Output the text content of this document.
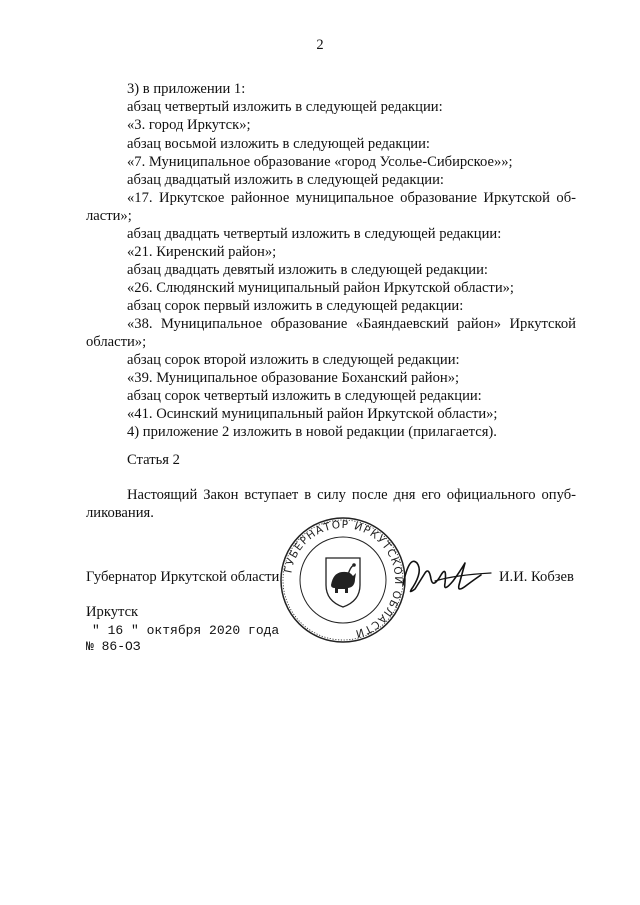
2
3) в приложении 1:
абзац четвертый изложить в следующей редакции:
«3. город Иркутск»;
абзац восьмой изложить в следующей редакции:
«7. Муниципальное образование «город Усолье-Сибирское»»;
абзац двадцатый изложить в следующей редакции:
«17. Иркутское районное муниципальное образование Иркутской об-
ласти»;
абзац двадцать четвертый изложить в следующей редакции:
«21. Киренский район»;
абзац двадцать девятый изложить в следующей редакции:
«26. Слюдянский муниципальный район Иркутской области»;
абзац сорок первый изложить в следующей редакции:
«38. Муниципальное образование «Баяндаевский район» Иркутской
области»;
абзац сорок второй изложить в следующей редакции:
«39. Муниципальное образование Боханский район»;
абзац сорок четвертый изложить в следующей редакции:
«41. Осинский муниципальный район Иркутской области»;
4) приложение 2 изложить в новой редакции (прилагается).
Статья 2
Настоящий Закон вступает в силу после дня его официального опуб-
ликования.
Губернатор Иркутской области	И.И. Кобзев
Иркутск
" 16 " октября 2020 года
№ 86-ОЗ
ГУБЕРНАТОР ИРКУТСКОЙ ОБЛАСТИ
